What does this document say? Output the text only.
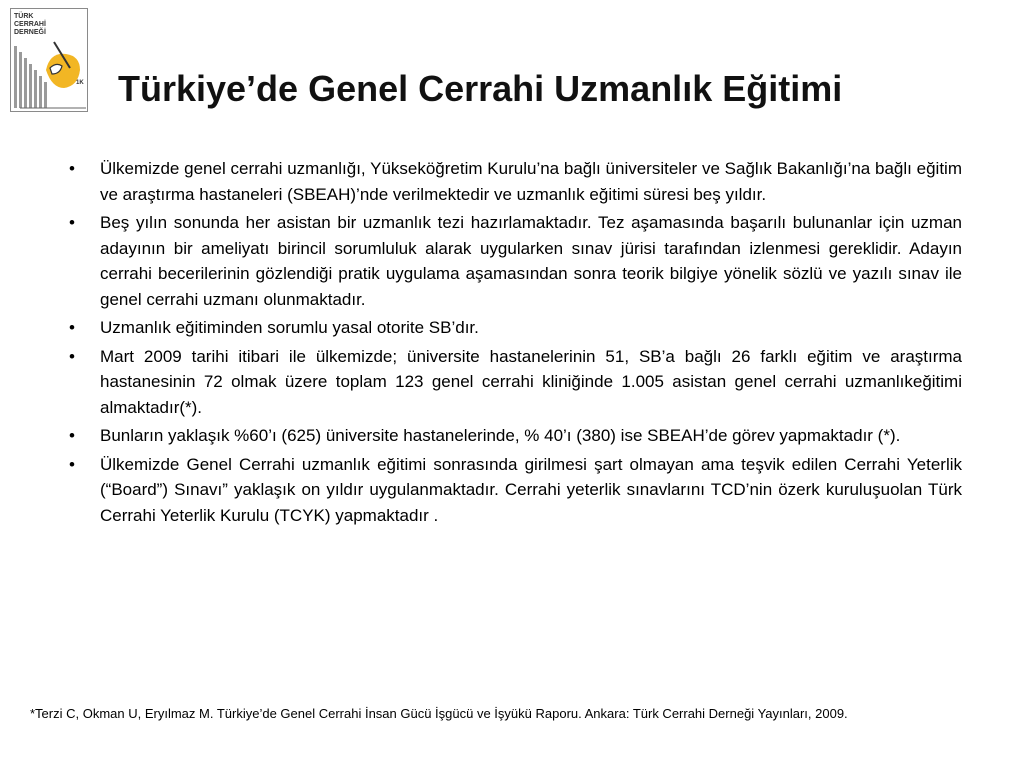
TÜRK
CERRAHİ
DERNEĞİ
1K Türkiye’de Genel Cerrahi Uzmanlık Eğitimi
•	Ülkemizde genel cerrahi uzmanlığı, Yükseköğretim Kurulu’na bağlı üniversiteler ve Sağlık Bakanlığı’na bağlı eğitim ve araştırma hastaneleri (SBEAH)’nde verilmektedir ve uzmanlık eğitimi süresi beş yıldır.
•	Beş yılın sonunda her asistan bir uzmanlık tezi hazırlamaktadır. Tez aşamasında başarılı bulunanlar için uzman adayının bir ameliyatı birincil sorumluluk alarak uygularken sınav jürisi tarafından izlenmesi gereklidir. Adayın cerrahi becerilerinin gözlendiği pratik uygulama aşamasından sonra teorik bilgiye yönelik sözlü ve yazılı sınav ile genel cerrahi uzmanı olunmaktadır.
•	Uzmanlık eğitiminden sorumlu yasal otorite SB’dır.
•	Mart 2009 tarihi itibari ile ülkemizde; üniversite hastanelerinin 51, SB’a bağlı 26 farklı eğitim ve araştırma hastanesinin 72 olmak üzere toplam 123 genel cerrahi kliniğinde 1.005 asistan genel cerrahi uzmanlıkeğitimi almaktadır(*).
•	Bunların yaklaşık %60’ı (625) üniversite hastanelerinde, % 40’ı (380) ise SBEAH’de görev yapmaktadır (*).
•	Ülkemizde Genel Cerrahi uzmanlık eğitimi sonrasında girilmesi şart olmayan ama teşvik edilen Cerrahi Yeterlik (“Board”) Sınavı” yaklaşık on yıldır uygulanmaktadır. Cerrahi yeterlik sınavlarını TCD’nin özerk kuruluşuolan Türk Cerrahi Yeterlik Kurulu (TCYK) yapmaktadır .
*Terzi C, Okman U, Eryılmaz M. Türkiye’de Genel Cerrahi İnsan Gücü İşgücü ve İşyükü Raporu. Ankara: Türk Cerrahi Derneği Yayınları, 2009.
